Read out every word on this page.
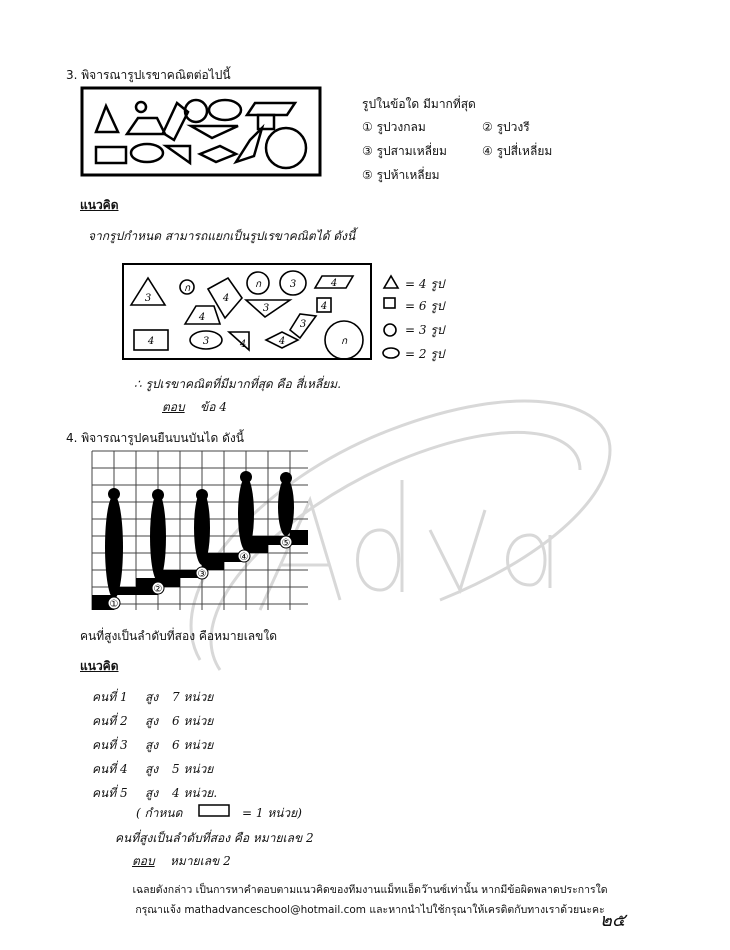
3. พิจารณารูปเรขาคณิตต่อไปนี้
รูปในข้อใด มีมากที่สุด
① รูปวงกลม	② รูปวงรี
③ รูปสามเหลี่ยม	④ รูปสี่เหลี่ยม
⑤ รูปห้าเหลี่ยม
แนวคิด
จากรูปกำหนด สามารถแยกเป็นรูปเรขาคณิตได้ ดังนี้
3
ก
4
4
ก	3	4
3	4
3
ก
4	3	4	4
= 4 รูป
= 6 รูป
= 3 รูป
= 2 รูป
∴ รูปเรขาคณิตที่มีมากที่สุด คือ สี่เหลี่ยม.
ตอบ ข้อ 4
4. พิจารณารูปคนยืนบนบันได ดังนี้
①
②
③
④
⑤
คนที่สูงเป็นลำดับที่สอง คือหมายเลขใด
แนวคิด
คนที่ 1 สูง 7 หน่วย
คนที่ 2 สูง 6 หน่วย
คนที่ 3 สูง 6 หน่วย
คนที่ 4 สูง 5 หน่วย
คนที่ 5 สูง 4 หน่วย.
( กำหนด	= 1 หน่วย)
คนที่สูงเป็นลำดับที่สอง คือ หมายเลข 2
ตอบ หมายเลข 2
เฉลยดังกล่าว เป็นการหาคำตอบตามแนวคิดของทีมงานแม็ทแอ็ดว๊านซ์เท่านั้น หากมีข้อผิดพลาดประการใด
กรุณาแจ้ง mathadvanceschool@hotmail.com และหากนำไปใช้กรุณาให้เครดิตกับทางเราด้วยนะคะ
๒๕
